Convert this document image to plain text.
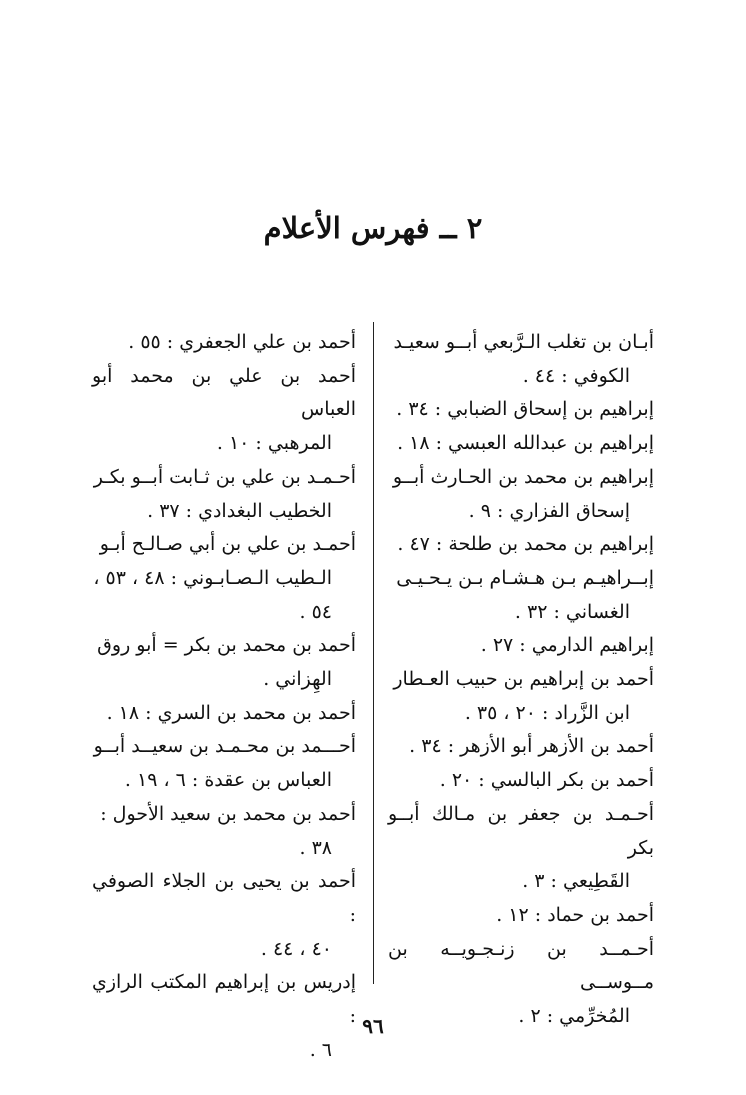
٢ ــ فهرس الأعلام
أبـان بن تغلب الـرَّبعي أبــو سعيـد
الكوفي : ٤٤ .
إبراهيم بن إسحاق الضبابي : ٣٤ .
إبراهيم بن عبدالله العبسي : ١٨ .
إبراهيم بن محمد بن الحـارث أبــو
إسحاق الفزاري : ٩ .
إبراهيم بن محمد بن طلحة : ٤٧ .
إبــراهيـم بـن هـشـام بـن يـحـيـى
الغساني : ٣٢ .
إبراهيم الدارمي : ٢٧ .
أحمد بن إبراهيم بن حبيب العـطار
ابن الزَّراد : ٢٠ ، ٣٥ .
أحمد بن الأزهر أبو الأزهر : ٣٤ .
أحمد بن بكر البالسي : ٢٠ .
أحـمـد بن جعفر بن مـالك أبــو بكر
القَطِيعي : ٣ .
أحمد بن حماد : ١٢ .
أحـمــد بن زنـجـويــه بن مــوســى
المُخرِّمي : ٢ .
أحمد بن علي الجعفري : ٥٥ .
أحمد بن علي بن محمد أبو العباس
المرهبي : ١٠ .
أحـمـد بن علي بن ثـابت أبــو بكـر
الخطيب البغدادي : ٣٧ .
أحمـد بن علي بن أبي صـالـح أبـو
الـطيب الـصـابـوني : ٤٨ ، ٥٣ ،
٥٤ .
أحمد بن محمد بن بكر = أبو روق
الهِزاني .
أحمد بن محمد بن السري : ١٨ .
أحـــمد بن محـمـد بن سعيــد أبــو
العباس بن عقدة : ٦ ، ١٩ .
أحمد بن محمد بن سعيد الأحول :
٣٨ .
أحمد بن يحيى بن الجلاء الصوفي :
٤٠ ، ٤٤ .
إدريس بن إبراهيم المكتب الرازي :
٦ .
٩٦
